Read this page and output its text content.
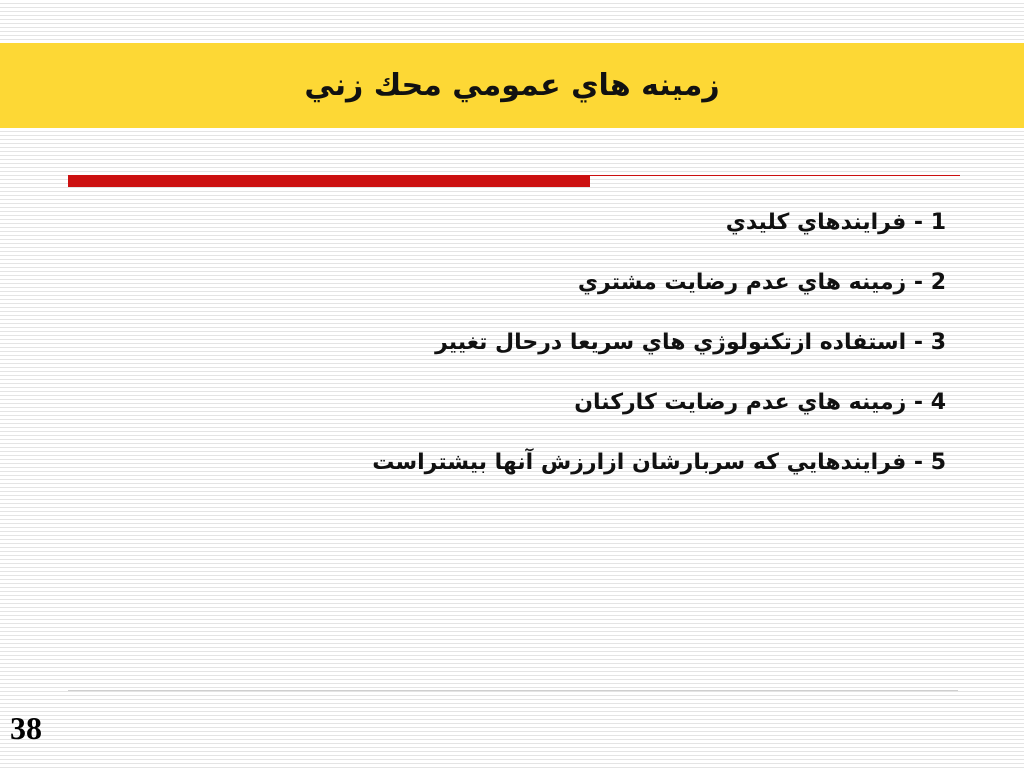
زمينه هاي عمومي محك زني
1 - فرايندهاي كليدي
2 - زمينه هاي عدم رضايت مشتري
3 - استفاده ازتكنولوژي هاي سريعا درحال تغيير
4 - زمينه هاي عدم رضايت كاركنان
5 - فرايندهايي كه سربارشان ازارزش آنها بيشتراست
38
